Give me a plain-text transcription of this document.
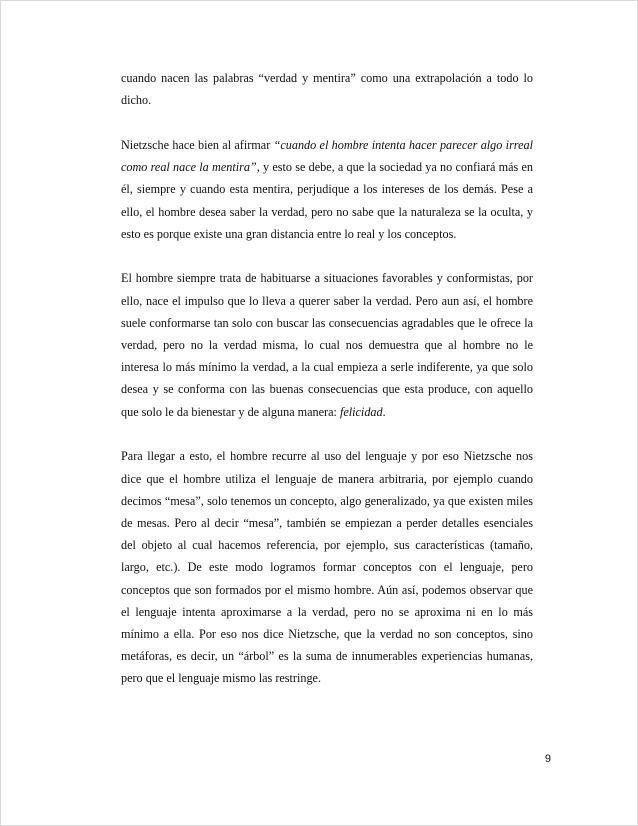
cuando nacen las palabras “verdad y mentira” como una extrapolación a todo lo dicho.

Nietzsche hace bien al afirmar “cuando el hombre intenta hacer parecer algo irreal como real nace la mentira”, y esto se debe, a que la sociedad ya no confiará más en él, siempre y cuando esta mentira, perjudique a los intereses de los demás. Pese a ello, el hombre desea saber la verdad, pero no sabe que la naturaleza se la oculta, y esto es porque existe una gran distancia entre lo real y los conceptos.

El hombre siempre trata de habituarse a situaciones favorables y conformistas, por ello, nace el impulso que lo lleva a querer saber la verdad. Pero aun así, el hombre suele conformarse tan solo con buscar las consecuencias agradables que le ofrece la verdad, pero no la verdad misma, lo cual nos demuestra que al hombre no le interesa lo más mínimo la verdad, a la cual empieza a serle indiferente, ya que solo desea y se conforma con las buenas consecuencias que esta produce, con aquello que solo le da bienestar y de alguna manera: felicidad.

Para llegar a esto, el hombre recurre al uso del lenguaje y por eso Nietzsche nos dice que el hombre utiliza el lenguaje de manera arbitraria, por ejemplo cuando decimos “mesa”, solo tenemos un concepto, algo generalizado, ya que existen miles de mesas. Pero al decir “mesa”, también se empiezan a perder detalles esenciales del objeto al cual hacemos referencia, por ejemplo, sus características (tamaño, largo, etc.). De este modo logramos formar conceptos con el lenguaje, pero conceptos que son formados por el mismo hombre. Aún así, podemos observar que el lenguaje intenta aproximarse a la verdad, pero no se aproxima ni en lo más mínimo a ella. Por eso nos dice Nietzsche, que la verdad no son conceptos, sino metáforas, es decir, un “árbol” es la suma de innumerables experiencias humanas, pero que el lenguaje mismo las restringe.

9
